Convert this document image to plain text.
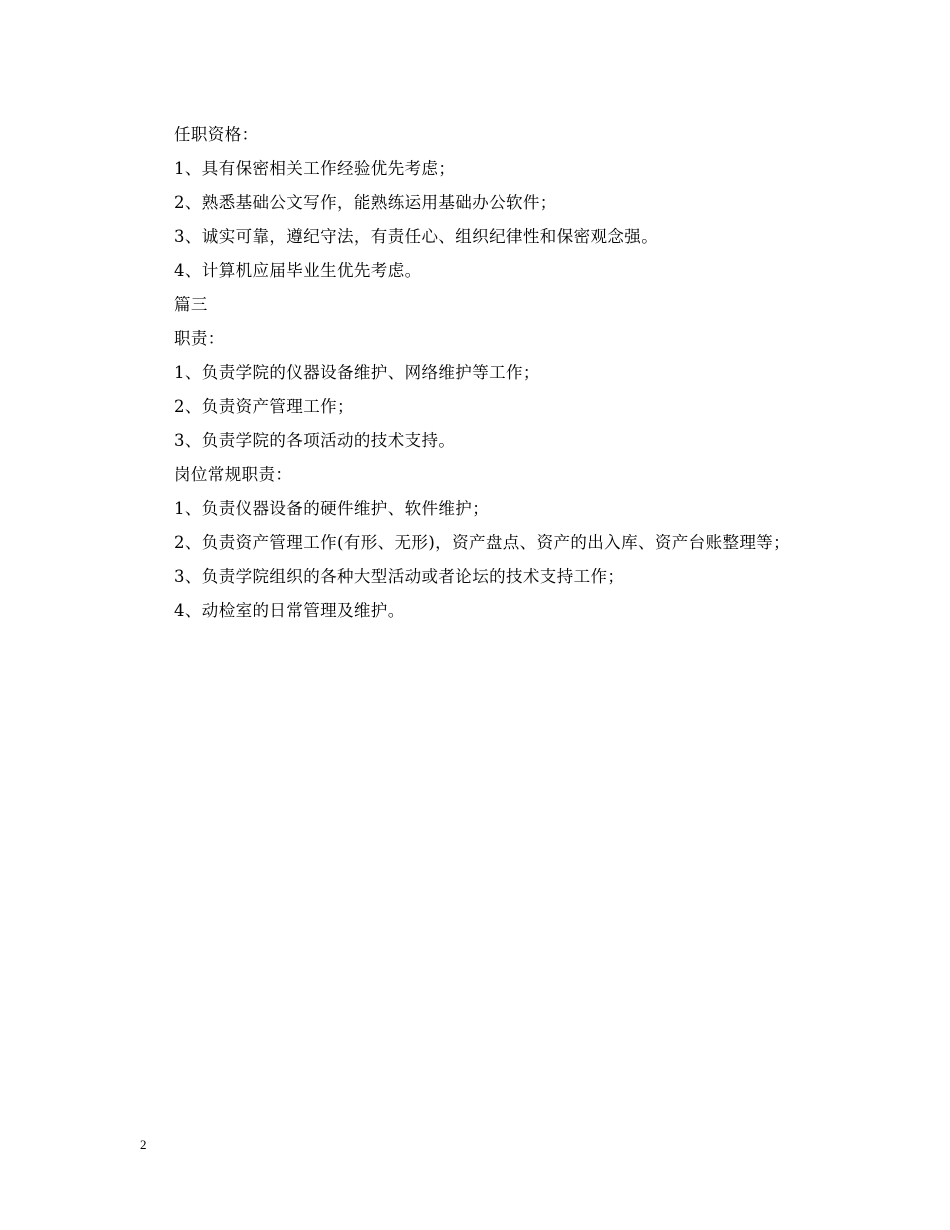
任职资格：

1、具有保密相关工作经验优先考虑；

2、熟悉基础公文写作，能熟练运用基础办公软件；

3、诚实可靠，遵纪守法，有责任心、组织纪律性和保密观念强。

4、计算机应届毕业生优先考虑。

篇三

职责：

1、负责学院的仪器设备维护、网络维护等工作；

2、负责资产管理工作；

3、负责学院的各项活动的技术支持。

岗位常规职责：

1、负责仪器设备的硬件维护、软件维护；

2、负责资产管理工作(有形、无形)，资产盘点、资产的出入库、资产台账整理等；

3、负责学院组织的各种大型活动或者论坛的技术支持工作；

4、动检室的日常管理及维护。

2
